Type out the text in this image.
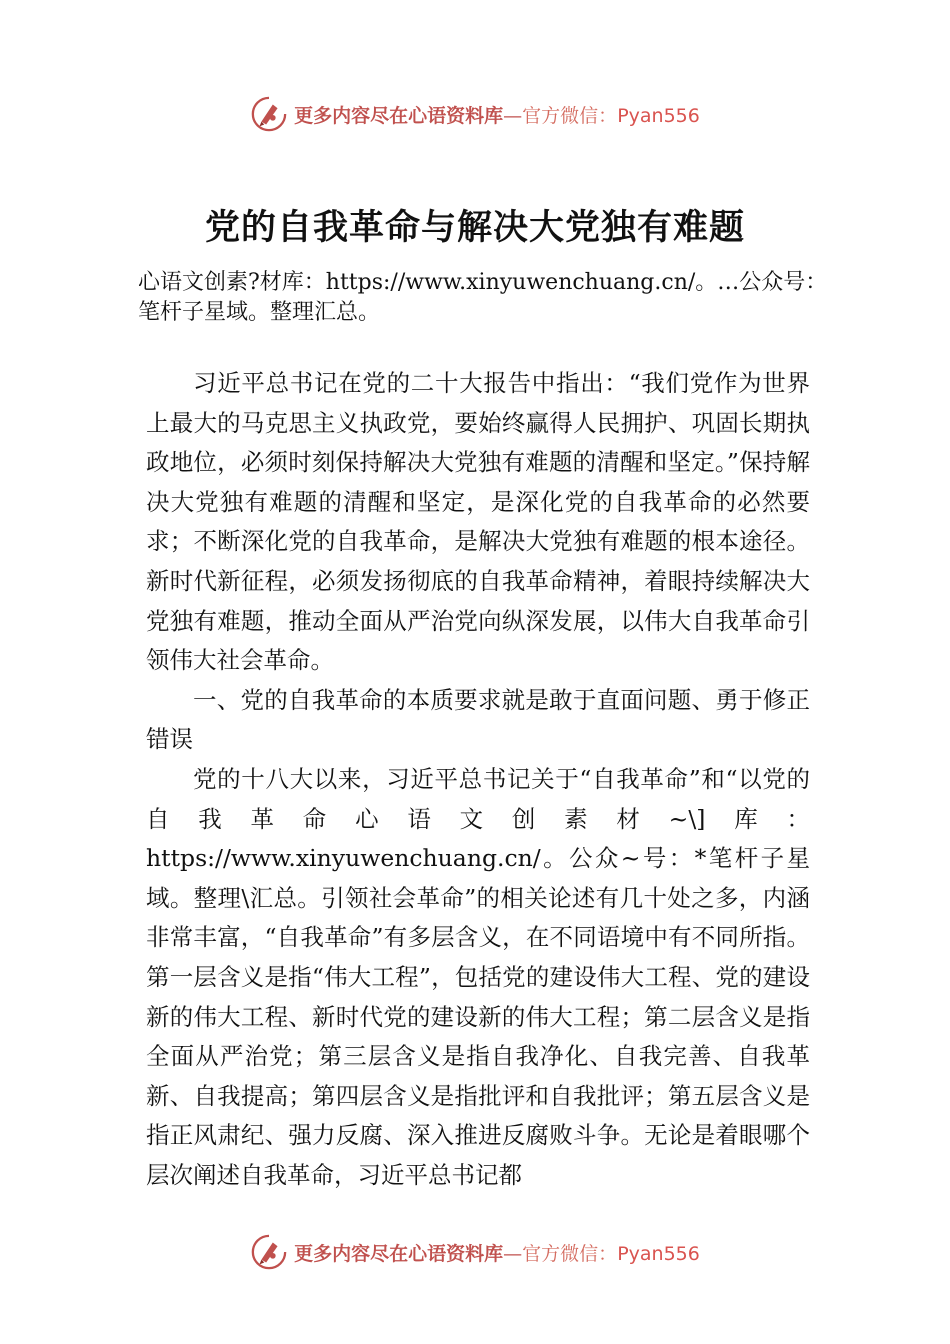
更多内容尽在心语资料库—官方微信：Pyan556
党的自我革命与解决大党独有难题

心语文创素?材库：https://www.xinyuwenchuang.cn/。…公众号：笔杆子星域。整理汇总。

习近平总书记在党的二十大报告中指出：“我们党作为世界上最大的马克思主义执政党，要始终赢得人民拥护、巩固长期执政地位，必须时刻保持解决大党独有难题的清醒和坚定。”保持解决大党独有难题的清醒和坚定，是深化党的自我革命的必然要求；不断深化党的自我革命，是解决大党独有难题的根本途径。新时代新征程，必须发扬彻底的自我革命精神，着眼持续解决大党独有难题，推动全面从严治党向纵深发展，以伟大自我革命引领伟大社会革命。

一、党的自我革命的本质要求就是敢于直面问题、勇于修正错误

党的十八大以来，习近平总书记关于“自我革命”和“以党的自我革命心语文创素材~\]库：https://www.xinyuwenchuang.cn/。公众~号：*笔杆子星域。整理\汇总。引领社会革命”的相关论述有几十处之多，内涵非常丰富，“自我革命”有多层含义，在不同语境中有不同所指。第一层含义是指“伟大工程”，包括党的建设伟大工程、党的建设新的伟大工程、新时代党的建设新的伟大工程；第二层含义是指全面从严治党；第三层含义是指自我净化、自我完善、自我革新、自我提高；第四层含义是指批评和自我批评；第五层含义是指正风肃纪、强力反腐、深入推进反腐败斗争。无论是着眼哪个层次阐述自我革命，习近平总书记都

更多内容尽在心语资料库—官方微信：Pyan556
